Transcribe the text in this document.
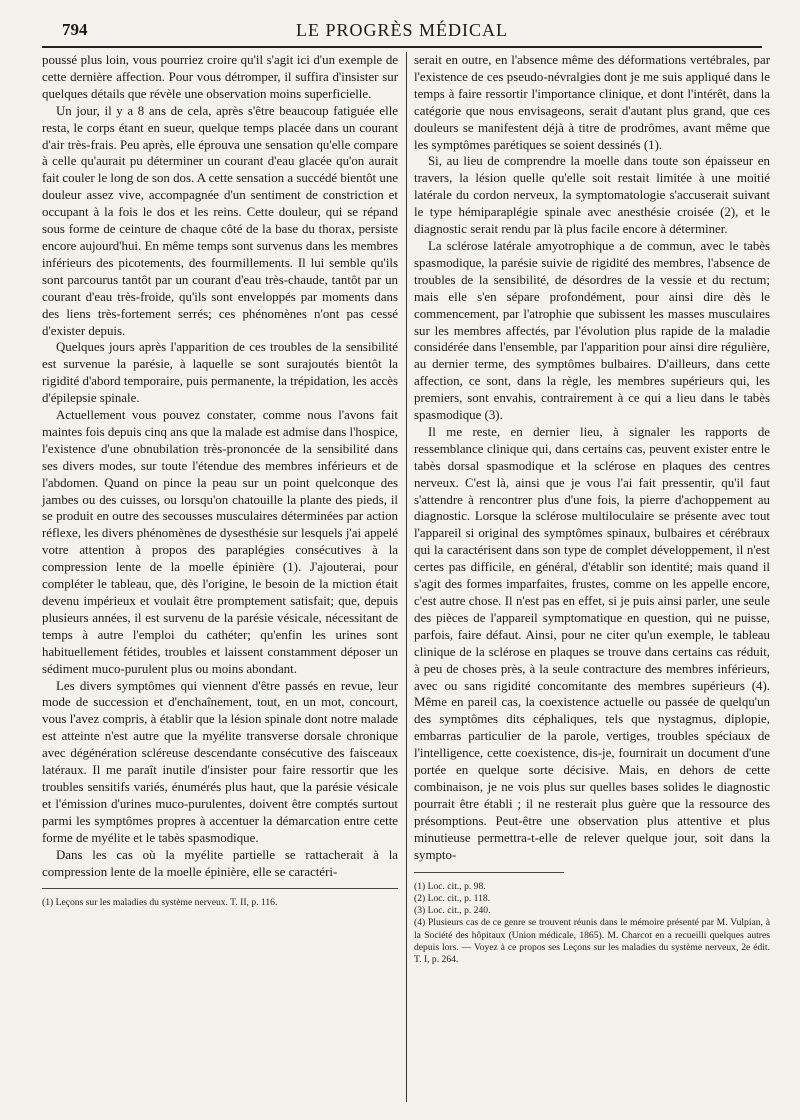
794	LE PROGRÈS MÉDICAL

poussé plus loin, vous pourriez croire qu'il s'agit ici d'un exemple de cette dernière affection. Pour vous détromper, il suffira d'insister sur quelques détails que révèle une observation moins superficielle.

Un jour, il y a 8 ans de cela, après s'être beaucoup fatiguée elle resta, le corps étant en sueur, quelque temps placée dans un courant d'air très-frais. Peu après, elle éprouva une sensation qu'elle compare à celle qu'aurait pu déterminer un courant d'eau glacée qu'on aurait fait couler le long de son dos. A cette sensation a succédé bientôt une douleur assez vive, accompagnée d'un sentiment de constriction et occupant à la fois le dos et les reins. Cette douleur, qui se répand sous forme de ceinture de chaque côté de la base du thorax, persiste encore aujourd'hui. En même temps sont survenus dans les membres inférieurs des picotements, des fourmillements. Il lui semble qu'ils sont parcourus tantôt par un courant d'eau très-chaude, tantôt par un courant d'eau très-froide, qu'ils sont enveloppés par moments dans des liens très-fortement serrés; ces phénomènes n'ont pas cessé d'exister depuis.

Quelques jours après l'apparition de ces troubles de la sensibilité est survenue la parésie, à laquelle se sont surajoutés bientôt la rigidité d'abord temporaire, puis permanente, la trépidation, les accès d'épilepsie spinale.

Actuellement vous pouvez constater, comme nous l'avons fait maintes fois depuis cinq ans que la malade est admise dans l'hospice, l'existence d'une obnubilation très-prononcée de la sensibilité dans ses divers modes, sur toute l'étendue des membres inférieurs et de l'abdomen. Quand on pince la peau sur un point quelconque des jambes ou des cuisses, ou lorsqu'on chatouille la plante des pieds, il se produit en outre des secousses musculaires déterminées par action réflexe, les divers phénomènes de dysesthésie sur lesquels j'ai appelé votre attention à propos des paraplégies consécutives à la compression lente de la moelle épinière (1). J'ajouterai, pour compléter le tableau, que, dès l'origine, le besoin de la miction était devenu impérieux et voulait être promptement satisfait; que, depuis plusieurs années, il est survenu de la parésie vésicale, nécessitant de temps à autre l'emploi du cathéter; qu'enfin les urines sont habituellement fétides, troubles et laissent constamment déposer un sédiment muco-purulent plus ou moins abondant.

Les divers symptômes qui viennent d'être passés en revue, leur mode de succession et d'enchaînement, tout, en un mot, concourt, vous l'avez compris, à établir que la lésion spinale dont notre malade est atteinte n'est autre que la myélite transverse dorsale chronique avec dégénération scléreuse descendante consécutive des faisceaux latéraux. Il me paraît inutile d'insister pour faire ressortir que les troubles sensitifs variés, énumérés plus haut, que la parésie vésicale et l'émission d'urines muco-purulentes, doivent être comptés surtout parmi les symptômes propres à accentuer la démarcation entre cette forme de myélite et le tabès spasmodique.

Dans les cas où la myélite partielle se rattacherait à la compression lente de la moelle épinière, elle se caractéri-

(1) Leçons sur les maladies du système nerveux. T. II, p. 116.

serait en outre, en l'absence même des déformations vertébrales, par l'existence de ces pseudo-névralgies dont je me suis appliqué dans le temps à faire ressortir l'importance clinique, et dont l'intérêt, dans la catégorie que nous envisageons, serait d'autant plus grand, que ces douleurs se manifestent déjà à titre de prodrômes, avant même que les symptômes parétiques se soient dessinés (1).

Si, au lieu de comprendre la moelle dans toute son épaisseur en travers, la lésion quelle qu'elle soit restait limitée à une moitié latérale du cordon nerveux, la symptomatologie s'accuserait suivant le type hémiparaplégie spinale avec anesthésie croisée (2), et le diagnostic serait rendu par là plus facile encore à déterminer.

La sclérose latérale amyotrophique a de commun, avec le tabès spasmodique, la parésie suivie de rigidité des membres, l'absence de troubles de la sensibilité, de désordres de la vessie et du rectum; mais elle s'en sépare profondément, pour ainsi dire dès le commencement, par l'atrophie que subissent les masses musculaires sur les membres affectés, par l'évolution plus rapide de la maladie considérée dans l'ensemble, par l'apparition pour ainsi dire régulière, au dernier terme, des symptômes bulbaires. D'ailleurs, dans cette affection, ce sont, dans la règle, les membres supérieurs qui, les premiers, sont envahis, contrairement à ce qui a lieu dans le tabès spasmodique (3).

Il me reste, en dernier lieu, à signaler les rapports de ressemblance clinique qui, dans certains cas, peuvent exister entre le tabès dorsal spasmodique et la sclérose en plaques des centres nerveux. C'est là, ainsi que je vous l'ai fait pressentir, qu'il faut s'attendre à rencontrer plus d'une fois, la pierre d'achoppement au diagnostic. Lorsque la sclérose multiloculaire se présente avec tout l'appareil si original des symptômes spinaux, bulbaires et cérébraux qui la caractérisent dans son type de complet développement, il n'est certes pas difficile, en général, d'établir son identité; mais quand il s'agit des formes imparfaites, frustes, comme on les appelle encore, c'est autre chose. Il n'est pas en effet, si je puis ainsi parler, une seule des pièces de l'appareil symptomatique en question, qui ne puisse, parfois, faire défaut. Ainsi, pour ne citer qu'un exemple, le tableau clinique de la sclérose en plaques se trouve dans certains cas réduit, à peu de choses près, à la seule contracture des membres inférieurs, avec ou sans rigidité concomitante des membres supérieurs (4). Même en pareil cas, la coexistence actuelle ou passée de quelqu'un des symptômes dits céphaliques, tels que nystagmus, diplopie, embarras particulier de la parole, vertiges, troubles spéciaux de l'intelligence, cette coexistence, dis-je, fournirait un document d'une portée en quelque sorte décisive. Mais, en dehors de cette combinaison, je ne vois plus sur quelles bases solides le diagnostic pourrait être établi ; il ne resterait plus guère que la ressource des présomptions. Peut-être une observation plus attentive et plus minutieuse permettra-t-elle de relever quelque jour, soit dans la sympto-

(1) Loc. cit., p. 98.
(2) Loc. cit., p. 118.
(3) Loc. cit., p. 240.
(4) Plusieurs cas de ce genre se trouvent réunis dans le mémoire présenté par M. Vulpian, à la Société des hôpitaux (Union médicale, 1865). M. Charcot en a recueilli quelques autres depuis lors. — Voyez à ce propos ses Leçons sur les maladies du système nerveux, 2e édit. T. I, p. 264.
